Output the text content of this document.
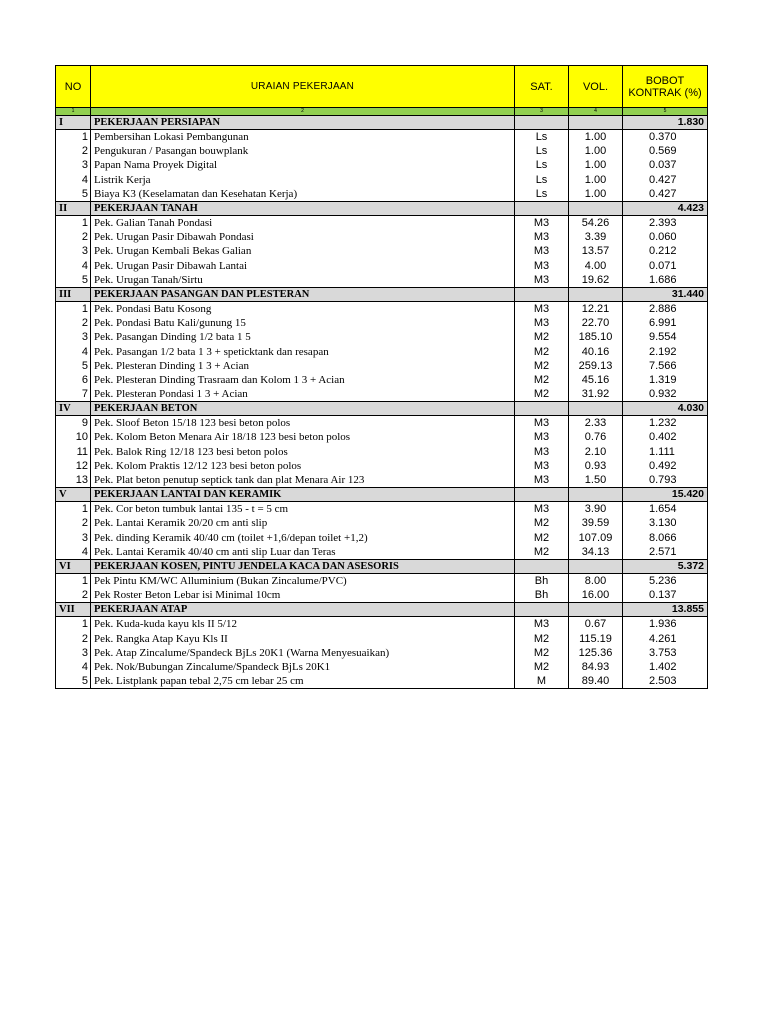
NO	URAIAN PEKERJAAN	SAT.	VOL.	BOBOT KONTRAK (%)
1	2	3	4	5
I	PEKERJAAN PERSIAPAN			1.830
1	Pembersihan Lokasi Pembangunan	Ls	1.00	0.370
2	Pengukuran / Pasangan bouwplank	Ls	1.00	0.569
3	Papan Nama Proyek Digital	Ls	1.00	0.037
4	Listrik Kerja	Ls	1.00	0.427
5	Biaya K3 (Keselamatan dan Kesehatan Kerja)	Ls	1.00	0.427
II	PEKERJAAN TANAH			4.423
1	Pek. Galian Tanah Pondasi	M3	54.26	2.393
2	Pek. Urugan Pasir Dibawah Pondasi	M3	3.39	0.060
3	Pek. Urugan Kembali Bekas Galian	M3	13.57	0.212
4	Pek. Urugan Pasir Dibawah Lantai	M3	4.00	0.071
5	Pek. Urugan Tanah/Sirtu	M3	19.62	1.686
III	PEKERJAAN PASANGAN DAN PLESTERAN			31.440
1	Pek. Pondasi Batu Kosong	M3	12.21	2.886
2	Pek. Pondasi Batu Kali/gunung 15	M3	22.70	6.991
3	Pek. Pasangan Dinding 1/2 bata 1 5	M2	185.10	9.554
4	Pek. Pasangan 1/2 bata 1 3 + speticktank dan resapan	M2	40.16	2.192
5	Pek. Plesteran Dinding 1 3 + Acian	M2	259.13	7.566
6	Pek. Plesteran Dinding Trasraam dan Kolom 1 3 + Acian	M2	45.16	1.319
7	Pek. Plesteran Pondasi 1 3 + Acian	M2	31.92	0.932
IV	PEKERJAAN BETON			4.030
9	Pek. Sloof Beton 15/18 123 besi beton polos	M3	2.33	1.232
10	Pek. Kolom Beton Menara Air 18/18 123 besi beton polos	M3	0.76	0.402
11	Pek. Balok Ring 12/18 123 besi beton polos	M3	2.10	1.111
12	Pek. Kolom Praktis 12/12 123 besi beton polos	M3	0.93	0.492
13	Pek. Plat beton penutup septick tank dan plat Menara Air 123	M3	1.50	0.793
V	PEKERJAAN LANTAI DAN KERAMIK			15.420
1	Pek. Cor beton tumbuk lantai 135 - t = 5 cm	M3	3.90	1.654
2	Pek. Lantai Keramik 20/20 cm anti slip	M2	39.59	3.130
3	Pek. dinding Keramik 40/40 cm (toilet +1,6/depan toilet +1,2)	M2	107.09	8.066
4	Pek. Lantai Keramik 40/40 cm anti slip Luar dan Teras	M2	34.13	2.571
VI	PEKERJAAN KOSEN, PINTU JENDELA KACA DAN ASESORIS			5.372
1	Pek Pintu KM/WC Alluminium (Bukan Zincalume/PVC)	Bh	8.00	5.236
2	Pek Roster Beton Lebar isi Minimal 10cm	Bh	16.00	0.137
VII	PEKERJAAN ATAP			13.855
1	Pek. Kuda-kuda kayu kls II 5/12	M3	0.67	1.936
2	Pek. Rangka Atap Kayu Kls II	M2	115.19	4.261
3	Pek. Atap Zincalume/Spandeck BjLs 20K1 (Warna Menyesuaikan)	M2	125.36	3.753
4	Pek. Nok/Bubungan Zincalume/Spandeck BjLs 20K1	M2	84.93	1.402
5	Pek. Listplank papan tebal 2,75 cm lebar 25 cm	M	89.40	2.503
